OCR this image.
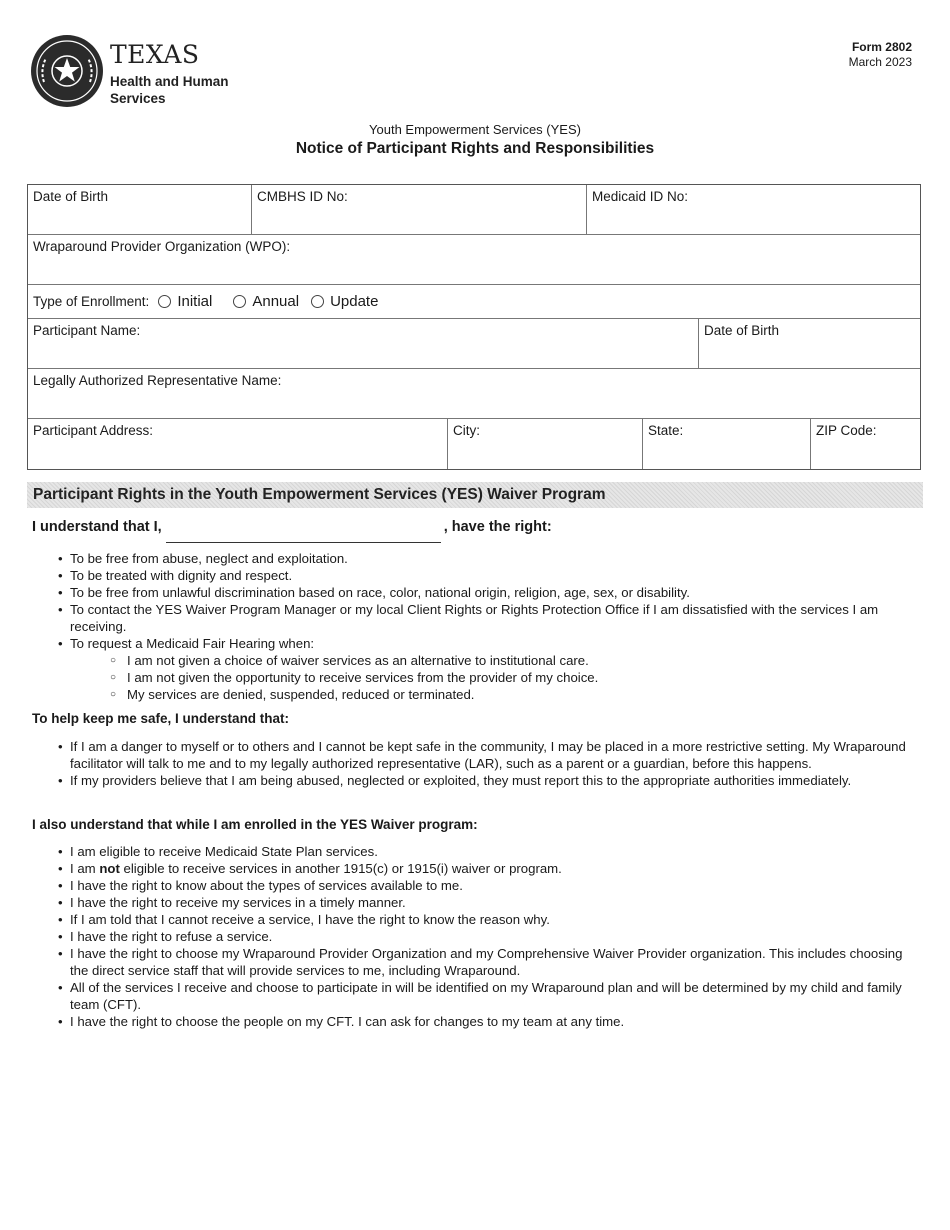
TEXAS
Health and Human
Services
Form 2802
March 2023
Youth Empowerment Services (YES)
Notice of Participant Rights and Responsibilities
Date of Birth	CMBHS ID No:	Medicaid ID No:
Wraparound Provider Organization (WPO):
Type of Enrollment: Initial	Annual Update
Participant Name:	Date of Birth
Legally Authorized Representative Name:
Participant Address:	City:	State:	ZIP Code:
Participant Rights in the Youth Empowerment Services (YES) Waiver Program
I understand that I,	, have the right:
• To be free from abuse, neglect and exploitation.
• To be treated with dignity and respect.
• To be free from unlawful discrimination based on race, color, national origin, religion, age, sex, or disability.
• To contact the YES Waiver Program Manager or my local Client Rights or Rights Protection Office if I am dissatisfied with the services I am receiving.
• To request a Medicaid Fair Hearing when:
○ I am not given a choice of waiver services as an alternative to institutional care.
○ I am not given the opportunity to receive services from the provider of my choice.
○ My services are denied, suspended, reduced or terminated.
To help keep me safe, I understand that:
• If I am a danger to myself or to others and I cannot be kept safe in the community, I may be placed in a more restrictive setting. My Wraparound facilitator will talk to me and to my legally authorized representative (LAR), such as a parent or a guardian, before this happens.
• If my providers believe that I am being abused, neglected or exploited, they must report this to the appropriate authorities immediately.
I also understand that while I am enrolled in the YES Waiver program:
• I am eligible to receive Medicaid State Plan services.
• I am not eligible to receive services in another 1915(c) or 1915(i) waiver or program.
• I have the right to know about the types of services available to me.
• I have the right to receive my services in a timely manner.
• If I am told that I cannot receive a service, I have the right to know the reason why.
• I have the right to refuse a service.
• I have the right to choose my Wraparound Provider Organization and my Comprehensive Waiver Provider organization. This includes choosing the direct service staff that will provide services to me, including Wraparound.
• All of the services I receive and choose to participate in will be identified on my Wraparound plan and will be determined by my child and family team (CFT).
• I have the right to choose the people on my CFT. I can ask for changes to my team at any time.
